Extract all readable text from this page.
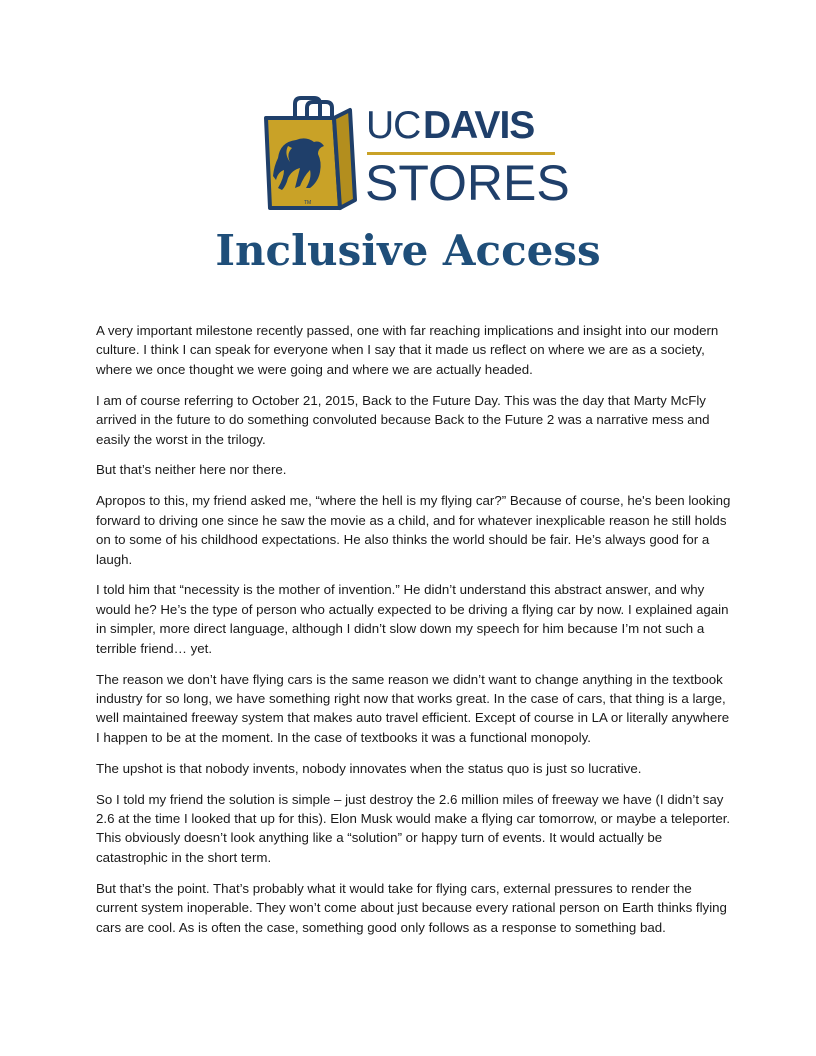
TM
UC DAVIS
STORES
Inclusive Access

A very important milestone recently passed, one with far reaching implications and insight into our modern culture. I think I can speak for everyone when I say that it made us reflect on where we are as a society, where we once thought we were going and where we are actually headed.

I am of course referring to October 21, 2015, Back to the Future Day. This was the day that Marty McFly arrived in the future to do something convoluted because Back to the Future 2 was a narrative mess and easily the worst in the trilogy.

But that’s neither here nor there.

Apropos to this, my friend asked me, “where the hell is my flying car?” Because of course, he's been looking forward to driving one since he saw the movie as a child, and for whatever inexplicable reason he still holds on to some of his childhood expectations. He also thinks the world should be fair. He’s always good for a laugh.

I told him that “necessity is the mother of invention.” He didn’t understand this abstract answer, and why would he? He’s the type of person who actually expected to be driving a flying car by now. I explained again in simpler, more direct language, although I didn’t slow down my speech for him because I’m not such a terrible friend… yet.

The reason we don’t have flying cars is the same reason we didn’t want to change anything in the textbook industry for so long, we have something right now that works great. In the case of cars, that thing is a large, well maintained freeway system that makes auto travel efficient. Except of course in LA or literally anywhere I happen to be at the moment. In the case of textbooks it was a functional monopoly.

The upshot is that nobody invents, nobody innovates when the status quo is just so lucrative.

So I told my friend the solution is simple – just destroy the 2.6 million miles of freeway we have (I didn’t say 2.6 at the time I looked that up for this). Elon Musk would make a flying car tomorrow, or maybe a teleporter. This obviously doesn’t look anything like a “solution” or happy turn of events. It would actually be catastrophic in the short term.

But that’s the point. That’s probably what it would take for flying cars, external pressures to render the current system inoperable. They won’t come about just because every rational person on Earth thinks flying cars are cool. As is often the case, something good only follows as a response to something bad.
